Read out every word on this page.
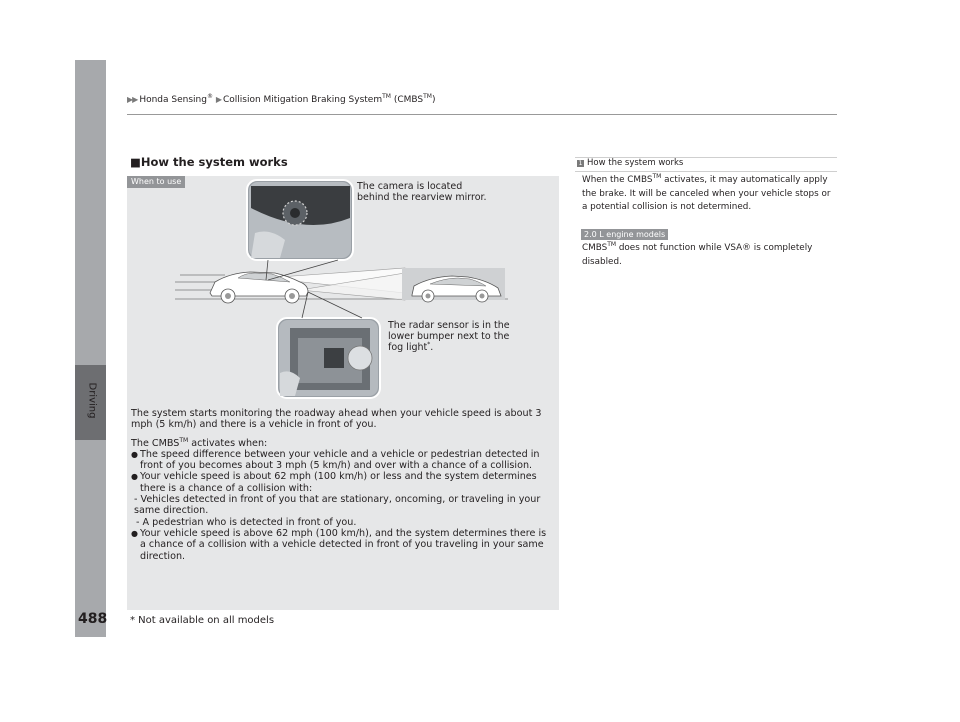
▶▶ Honda Sensing® ▶ Collision Mitigation Braking System™ (CMBS™)
Driving
488
■How the system works
When to use	The camera is located behind the rearview mirror.
The radar sensor is in the lower bumper next to the fog light*.

The system starts monitoring the roadway ahead when your vehicle speed is about 3 mph (5 km/h) and there is a vehicle in front of you.

The CMBS™ activates when:

● The speed difference between your vehicle and a vehicle or pedestrian detected in front of you becomes about 3 mph (5 km/h) and over with a chance of a collision.

● Your vehicle speed is about 62 mph (100 km/h) or less and the system determines there is a chance of a collision with:

- Vehicles detected in front of you that are stationary, oncoming, or traveling in your same direction.

- A pedestrian who is detected in front of you.

● Your vehicle speed is above 62 mph (100 km/h), and the system determines there is a chance of a collision with a vehicle detected in front of you traveling in your same direction.

* Not available on all models
1 How the system works
When the CMBS™ activates, it may automatically apply the brake. It will be canceled when your vehicle stops or a potential collision is not determined.
2.0 L engine models
CMBS™ does not function while VSA® is completely disabled.
